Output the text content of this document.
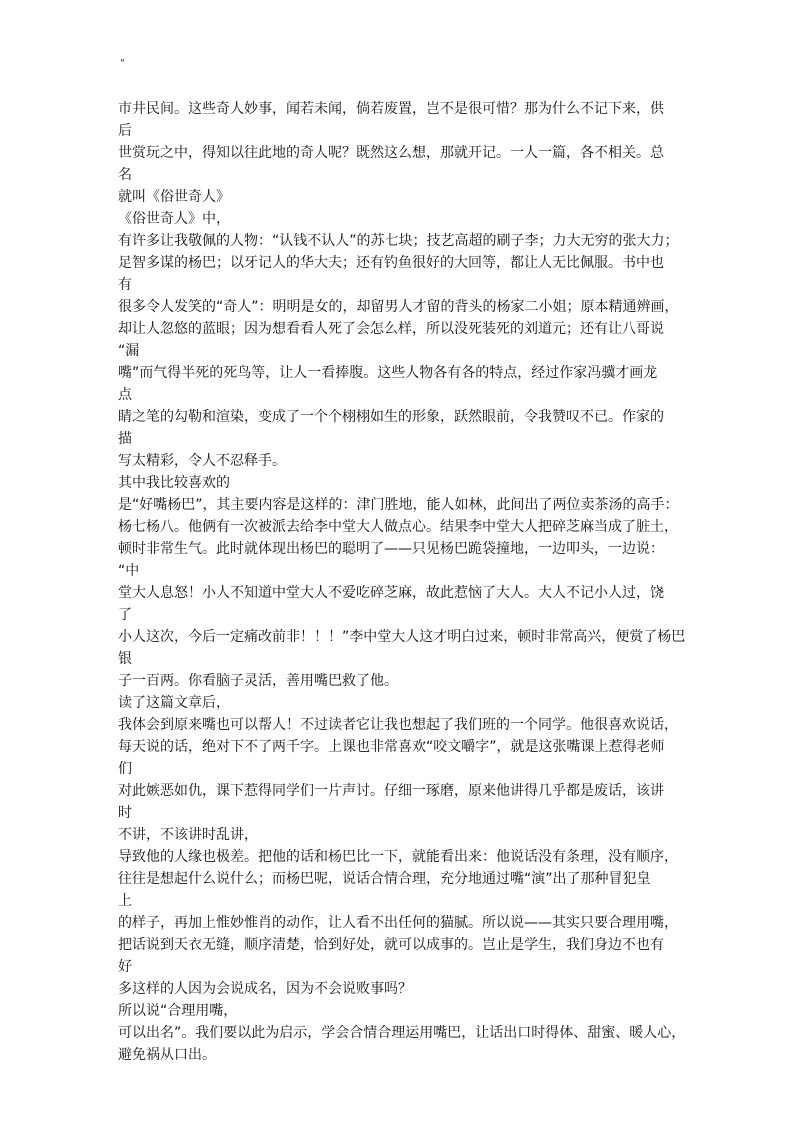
"
市井民间。这些奇人妙事，闻若未闻，倘若废置，岂不是很可惜？那为什么不记下来，供
后
世赏玩之中，得知以往此地的奇人呢？既然这么想，那就开记。一人一篇，各不相关。总
名
就叫《俗世奇人》
《俗世奇人》中，
有许多让我敬佩的人物：“认钱不认人”的苏七块；技艺高超的刷子李；力大无穷的张大力；
足智多谋的杨巴；以牙记人的华大夫；还有钓鱼很好的大回等，都让人无比佩服。书中也
有
很多令人发笑的“奇人”：明明是女的，却留男人才留的背头的杨家二小姐；原本精通辨画，
却让人忽悠的蓝眼；因为想看看人死了会怎么样，所以没死装死的刘道元；还有让八哥说
“漏
嘴”而气得半死的死鸟等，让人一看捧腹。这些人物各有各的特点，经过作家冯骥才画龙
点
睛之笔的勾勒和渲染，变成了一个个栩栩如生的形象，跃然眼前，令我赞叹不已。作家的
描
写太精彩，令人不忍释手。
其中我比较喜欢的
是“好嘴杨巴”，其主要内容是这样的：津门胜地，能人如林，此间出了两位卖茶汤的高手：
杨七杨八。他俩有一次被派去给李中堂大人做点心。结果李中堂大人把碎芝麻当成了脏土，
顿时非常生气。此时就体现出杨巴的聪明了——只见杨巴跪袋撞地，一边叩头，一边说：
“中
堂大人息怒！小人不知道中堂大人不爱吃碎芝麻，故此惹恼了大人。大人不记小人过，饶
了
小人这次，今后一定痛改前非！！！”李中堂大人这才明白过来，顿时非常高兴，便赏了杨巴
银
子一百两。你看脑子灵活，善用嘴巴救了他。
读了这篇文章后，
我体会到原来嘴也可以帮人！不过读者它让我也想起了我们班的一个同学。他很喜欢说话，
每天说的话，绝对下不了两千字。上课也非常喜欢“咬文嚼字”，就是这张嘴课上惹得老师
们
对此嫉恶如仇，课下惹得同学们一片声讨。仔细一琢磨，原来他讲得几乎都是废话，该讲
时
不讲，不该讲时乱讲，
导致他的人缘也极差。把他的话和杨巴比一下，就能看出来：他说话没有条理，没有顺序，
往往是想起什么说什么；而杨巴呢，说话合情合理，充分地通过嘴“演”出了那种冒犯皇
上
的样子，再加上惟妙惟肖的动作，让人看不出任何的猫腻。所以说——其实只要合理用嘴，
把话说到天衣无缝，顺序清楚，恰到好处，就可以成事的。岂止是学生，我们身边不也有
好
多这样的人因为会说成名，因为不会说败事吗？
所以说“合理用嘴，
可以出名”。我们要以此为启示，学会合情合理运用嘴巴，让话出口时得体、甜蜜、暖人心，
避免祸从口出。
